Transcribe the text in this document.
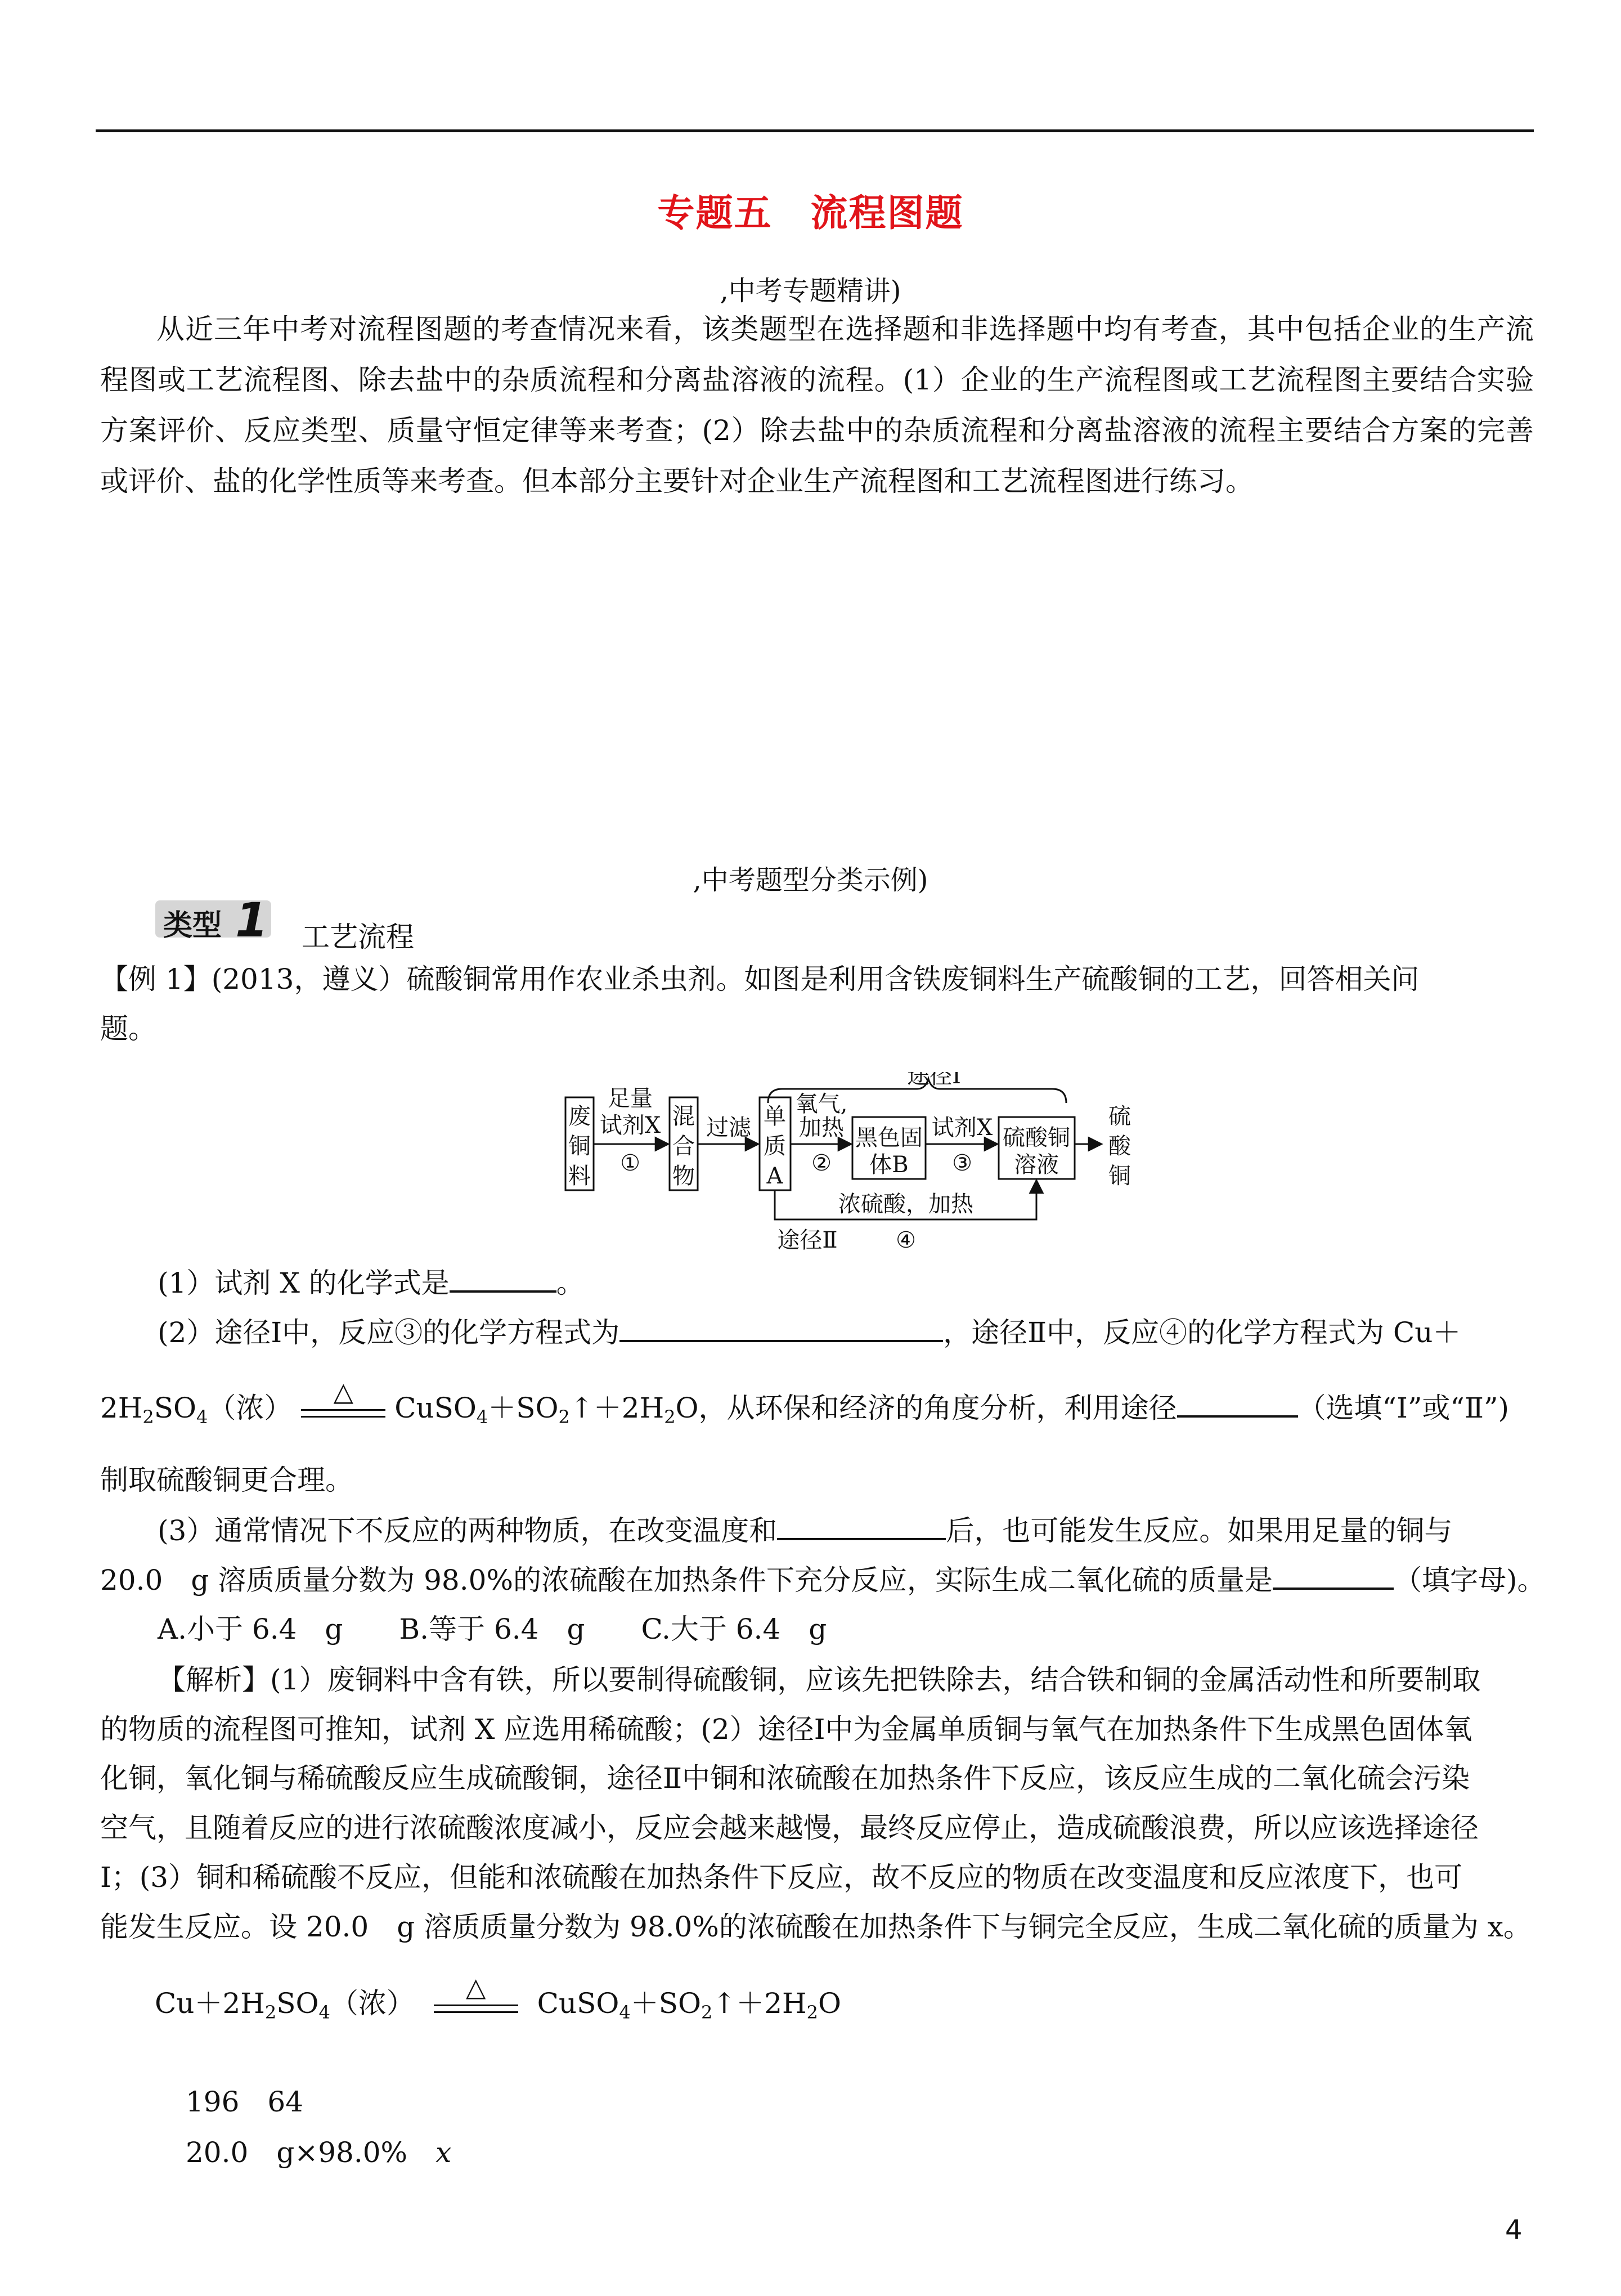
专题五　流程图题
,中考专题精讲)

从近三年中考对流程图题的考查情况来看，该类题型在选择题和非选择题中均有考查，其中包括企业的生产流程图或工艺流程图、除去盐中的杂质流程和分离盐溶液的流程。(1）企业的生产流程图或工艺流程图主要结合实验方案评价、反应类型、质量守恒定律等来考查；(2）除去盐中的杂质流程和分离盐溶液的流程主要结合方案的完善或评价、盐的化学性质等来考查。但本部分主要针对企业生产流程图和工艺流程图进行练习。

,中考题型分类示例)
类型 1 工艺流程
【例 1】(2013，遵义）硫酸铜常用作农业杀虫剂。如图是利用含铁废铜料生产硫酸铜的工艺，回答相关问
题。
途径Ⅰ
废
铜
料
足量
试剂X
①
混
合
物
过滤 单
质
A
氧气,
加热
②
黑色固
体B
试剂X
③
硫酸铜
溶液
硫
酸
铜
浓硫酸，加热
途径Ⅱ	④
(1）试剂 X 的化学式是	。
(2）途径Ⅰ中，反应③的化学方程式为	，途径Ⅱ中，反应④的化学方程式为 Cu＋
$2H_2SO_4$（浓）	△	$CuSO_4+SO_2↑+2H_2O$，从环保和经济的角度分析，利用途径	（选填“Ⅰ”或“Ⅱ”)
制取硫酸铜更合理。
(3）通常情况下不反应的两种物质，在改变温度和	后，也可能发生反应。如果用足量的铜与
20.0　g 溶质质量分数为 98.0%的浓硫酸在加热条件下充分反应，实际生成二氧化硫的质量是	（填字母)。
A.小于 6.4　g　　B.等于 6.4　g　　C.大于 6.4　g
【解析】(1）废铜料中含有铁，所以要制得硫酸铜，应该先把铁除去，结合铁和铜的金属活动性和所要制取
的物质的流程图可推知，试剂 X 应选用稀硫酸；(2）途径Ⅰ中为金属单质铜与氧气在加热条件下生成黑色固体氧
化铜，氧化铜与稀硫酸反应生成硫酸铜，途径Ⅱ中铜和浓硫酸在加热条件下反应，该反应生成的二氧化硫会污染
空气，且随着反应的进行浓硫酸浓度减小，反应会越来越慢，最终反应停止，造成硫酸浪费，所以应该选择途径
Ⅰ；(3）铜和稀硫酸不反应，但能和浓硫酸在加热条件下反应，故不反应的物质在改变温度和反应浓度下，也可
能发生反应。设 20.0　g 溶质质量分数为 98.0%的浓硫酸在加热条件下与铜完全反应，生成二氧化硫的质量为 x。
$Cu+2H_2SO_4$（浓）	△	$CuSO_4+SO_2↑+2H_2O$
196　64
20.0　g×98.0% x
4
